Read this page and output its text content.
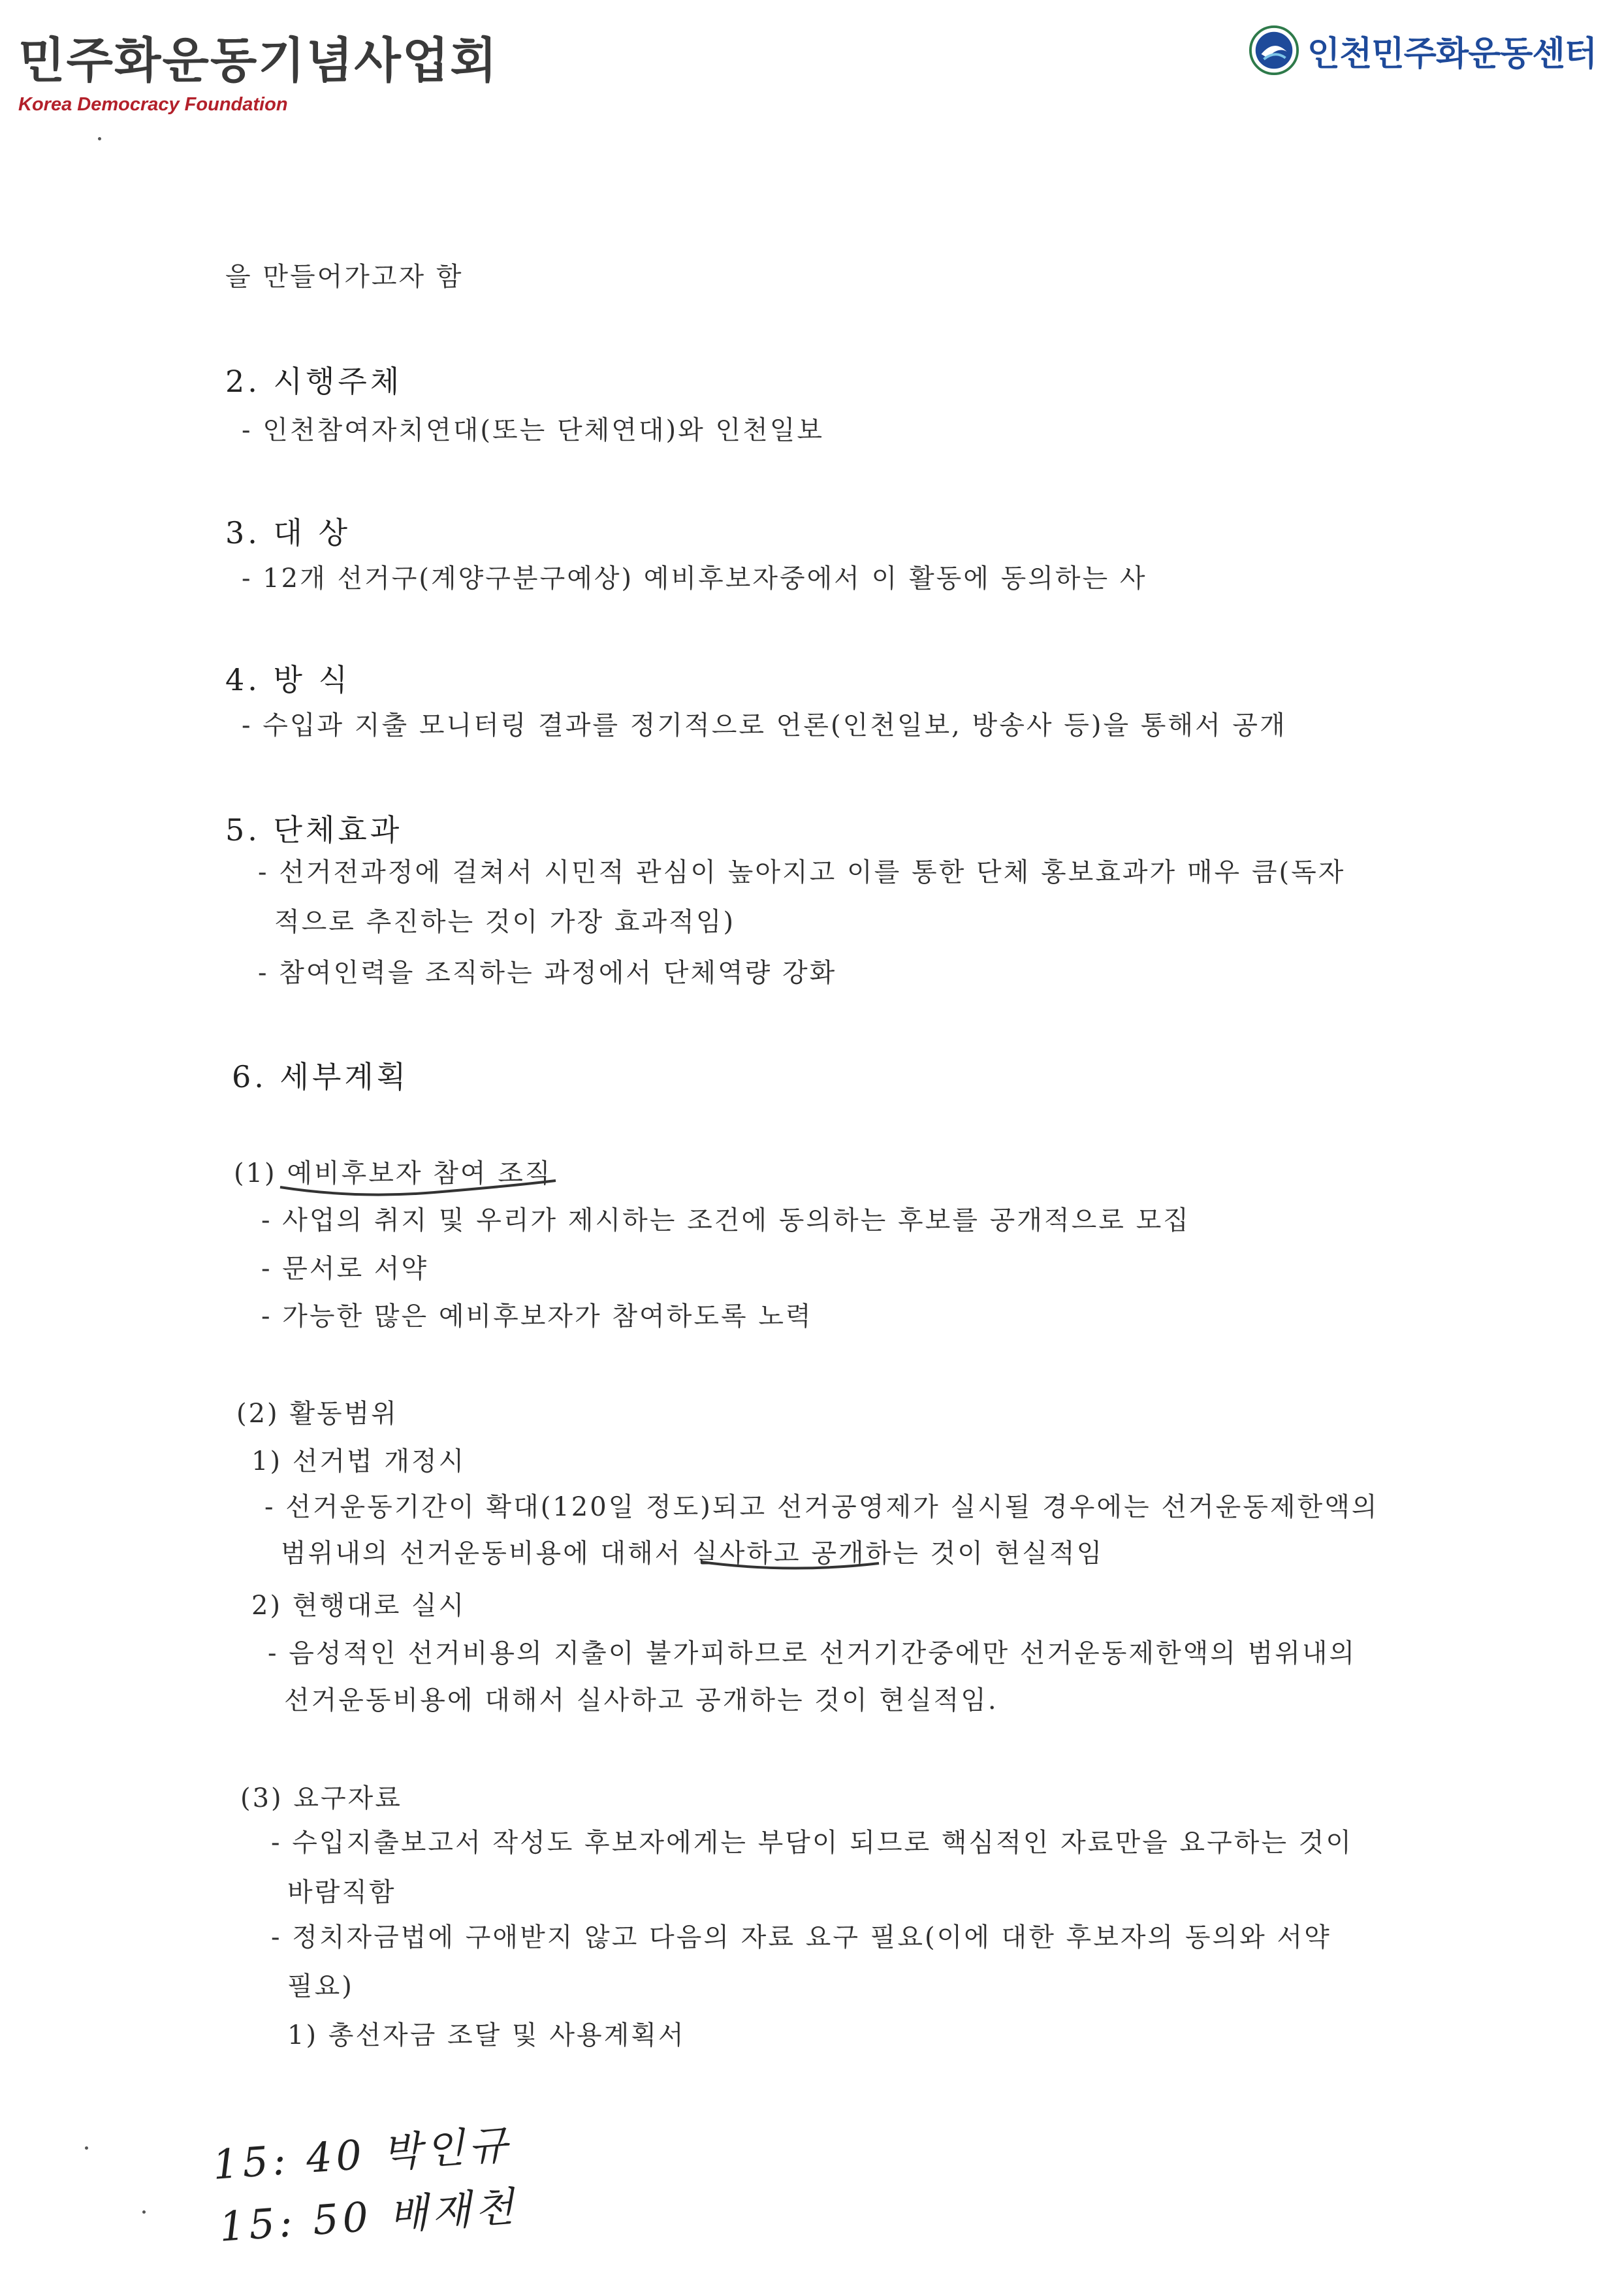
민주화운동기념사업회
Korea Democracy Foundation
인천민주화운동센터
을 만들어가고자 함
2. 시행주체
- 인천참여자치연대(또는 단체연대)와 인천일보
3. 대 상
- 12개 선거구(계양구분구예상) 예비후보자중에서 이 활동에 동의하는 사
4. 방 식
- 수입과 지출 모니터링 결과를 정기적으로 언론(인천일보, 방송사 등)을 통해서 공개
5. 단체효과
- 선거전과정에 걸쳐서 시민적 관심이 높아지고 이를 통한 단체 홍보효과가 매우 큼(독자
적으로 추진하는 것이 가장 효과적임)
- 참여인력을 조직하는 과정에서 단체역량 강화
6. 세부계획
(1) 예비후보자 참여 조직
- 사업의 취지 및 우리가 제시하는 조건에 동의하는 후보를 공개적으로 모집
- 문서로 서약
- 가능한 많은 예비후보자가 참여하도록 노력
(2) 활동범위
1) 선거법 개정시
- 선거운동기간이 확대(120일 정도)되고 선거공영제가 실시될 경우에는 선거운동제한액의
범위내의 선거운동비용에 대해서 실사하고 공개하는 것이 현실적임
2) 현행대로 실시
- 음성적인 선거비용의 지출이 불가피하므로 선거기간중에만 선거운동제한액의 범위내의
선거운동비용에 대해서 실사하고 공개하는 것이 현실적임.
(3) 요구자료
- 수입지출보고서 작성도 후보자에게는 부담이 되므로 핵심적인 자료만을 요구하는 것이
바람직함
- 정치자금법에 구애받지 않고 다음의 자료 요구 필요(이에 대한 후보자의 동의와 서약
필요)
1) 총선자금 조달 및 사용계획서
15: 40 박인규
15: 50 배재천
